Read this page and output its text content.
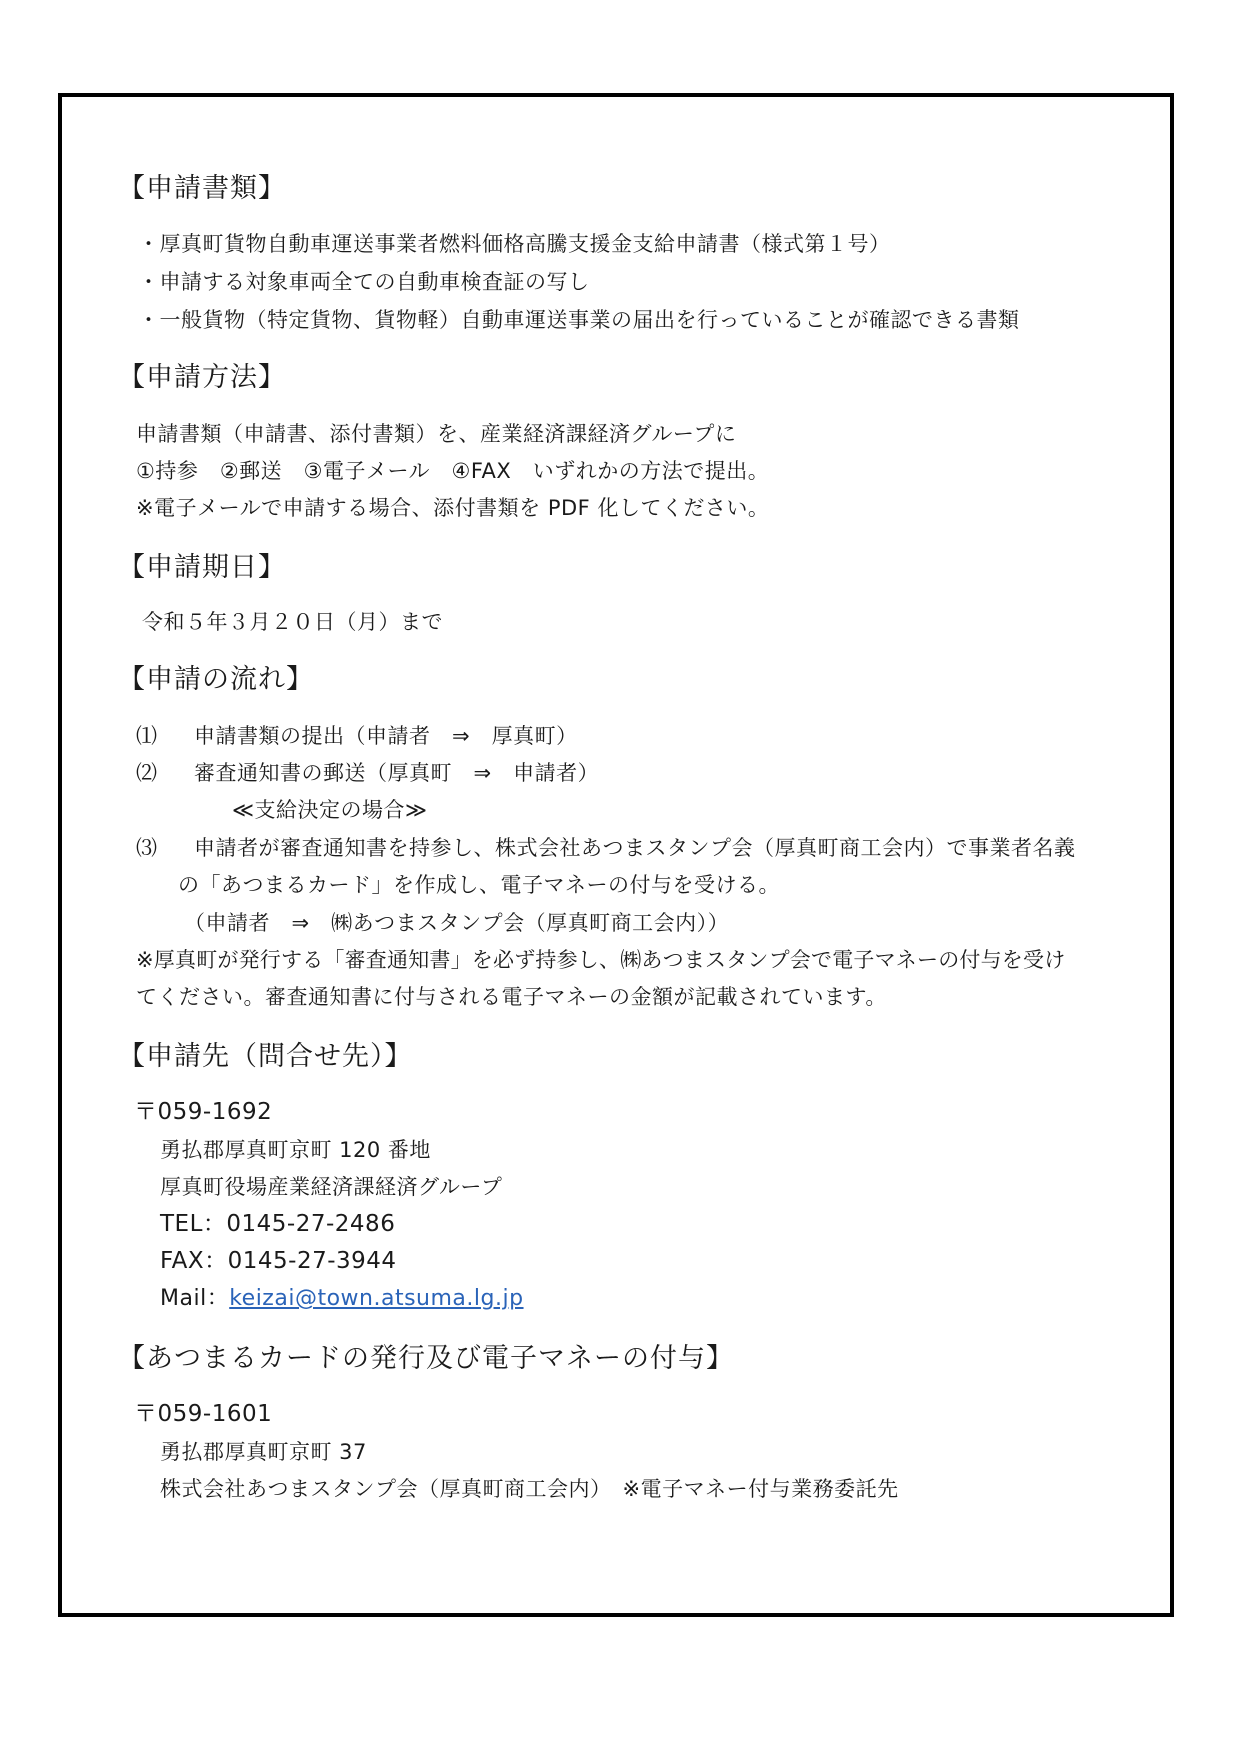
【申請書類】
・厚真町貨物自動車運送事業者燃料価格高騰支援金支給申請書（様式第１号）
・申請する対象車両全ての自動車検査証の写し
・一般貨物（特定貨物、貨物軽）自動車運送事業の届出を行っていることが確認できる書類
【申請方法】
申請書類（申請書、添付書類）を、産業経済課経済グループに
①持参　②郵送　③電子メール　④FAX　いずれかの方法で提出。
※電子メールで申請する場合、添付書類を PDF 化してください。
【申請期日】
令和５年３月２０日（月）まで
【申請の流れ】
⑴ 申請書類の提出（申請者　⇒　厚真町）
⑵ 審査通知書の郵送（厚真町　⇒　申請者）
≪支給決定の場合≫
⑶ 申請者が審査通知書を持参し、株式会社あつまスタンプ会（厚真町商工会内）で事業者名義
の「あつまるカード」を作成し、電子マネーの付与を受ける。
（申請者　⇒　㈱あつまスタンプ会（厚真町商工会内））
※厚真町が発行する「審査通知書」を必ず持参し、㈱あつまスタンプ会で電子マネーの付与を受け
てください。審査通知書に付与される電子マネーの金額が記載されています。
【申請先（問合せ先）】
〒059-1692
勇払郡厚真町京町 120 番地
厚真町役場産業経済課経済グループ
TEL：0145-27-2486
FAX：0145-27-3944
Mail：keizai@town.atsuma.lg.jp
【あつまるカードの発行及び電子マネーの付与】
〒059-1601
勇払郡厚真町京町 37
株式会社あつまスタンプ会（厚真町商工会内）　※電子マネー付与業務委託先
